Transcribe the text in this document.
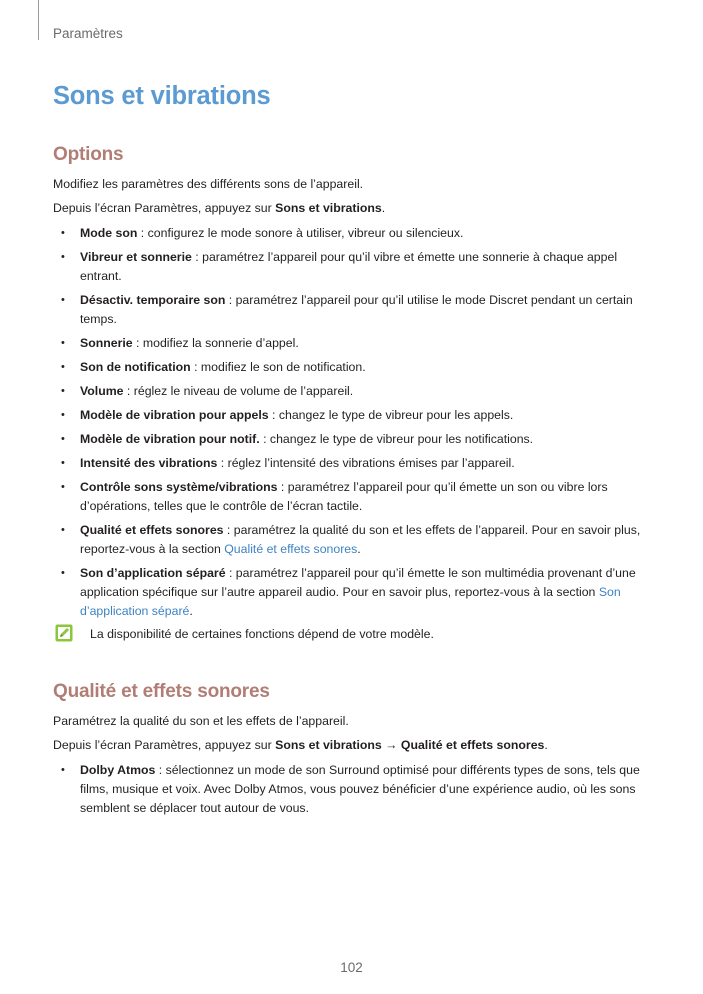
Paramètres
Sons et vibrations
Options

Modifiez les paramètres des différents sons de l’appareil.

Depuis l’écran Paramètres, appuyez sur Sons et vibrations.

• Mode son : configurez le mode sonore à utiliser, vibreur ou silencieux.
• Vibreur et sonnerie : paramétrez l’appareil pour qu’il vibre et émette une sonnerie à chaque appel entrant.
• Désactiv. temporaire son : paramétrez l’appareil pour qu’il utilise le mode Discret pendant un certain temps.
• Sonnerie : modifiez la sonnerie d’appel.
• Son de notification : modifiez le son de notification.
• Volume : réglez le niveau de volume de l’appareil.
• Modèle de vibration pour appels : changez le type de vibreur pour les appels.
• Modèle de vibration pour notif. : changez le type de vibreur pour les notifications.
• Intensité des vibrations : réglez l’intensité des vibrations émises par l’appareil.
• Contrôle sons système/vibrations : paramétrez l’appareil pour qu’il émette un son ou vibre lors d’opérations, telles que le contrôle de l’écran tactile.
• Qualité et effets sonores : paramétrez la qualité du son et les effets de l’appareil. Pour en savoir plus, reportez-vous à la section Qualité et effets sonores.
• Son d’application séparé : paramétrez l’appareil pour qu’il émette le son multimédia provenant d’une application spécifique sur l’autre appareil audio. Pour en savoir plus, reportez-vous à la section Son d’application séparé.
La disponibilité de certaines fonctions dépend de votre modèle.
Qualité et effets sonores

Paramétrez la qualité du son et les effets de l’appareil.

Depuis l’écran Paramètres, appuyez sur Sons et vibrations → Qualité et effets sonores.

• Dolby Atmos : sélectionnez un mode de son Surround optimisé pour différents types de sons, tels que films, musique et voix. Avec Dolby Atmos, vous pouvez bénéficier d’une expérience audio, où les sons semblent se déplacer tout autour de vous.
102
